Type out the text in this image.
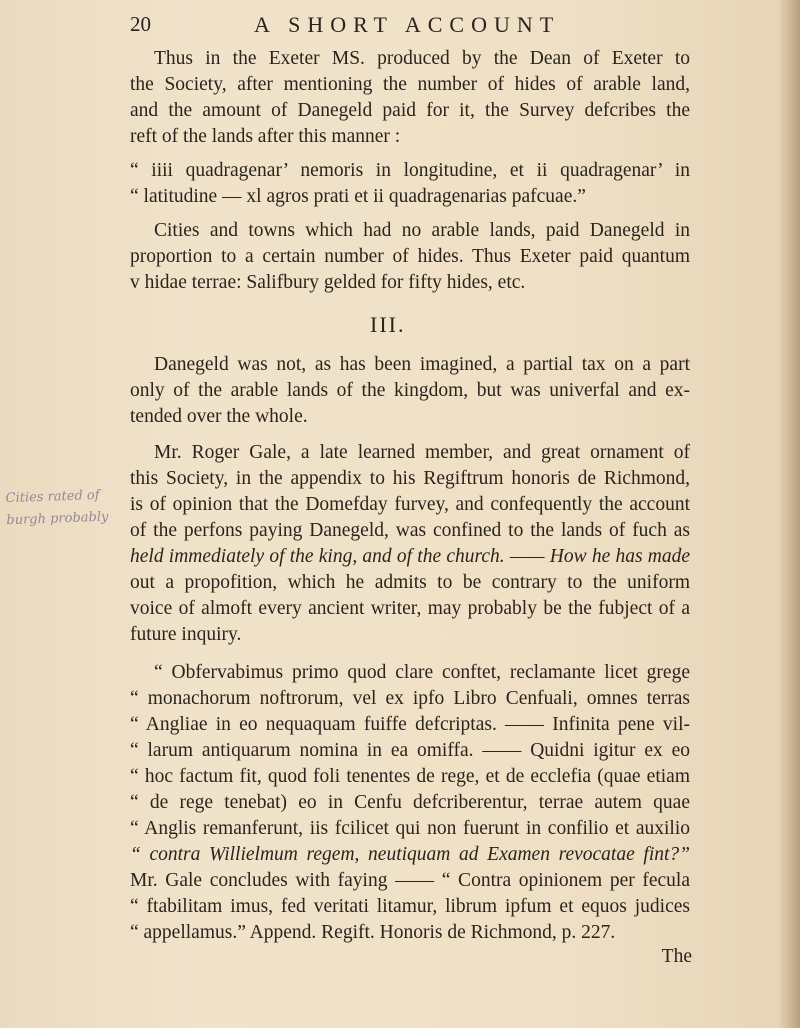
20	A SHORT ACCOUNT
Cities rated of burgh probably
Thus in the Exeter MS. produced by the Dean of Exeter to
the Society, after mentioning the number of hides of arable land,
and the amount of Danegeld paid for it, the Survey defcribes the
reft of the lands after this manner :
“ iiii quadragenar’ nemoris in longitudine, et ii quadragenar’ in
“ latitudine — xl agros prati et ii quadragenarias pafcuae.”
Cities and towns which had no arable lands, paid Danegeld in
proportion to a certain number of hides. Thus Exeter paid quantum
v hidae terrae: Salifbury gelded for fifty hides, etc.
III.
Danegeld was not, as has been imagined, a partial tax on a part
only of the arable lands of the kingdom, but was univerfal and ex-
tended over the whole.
Mr. Roger Gale, a late learned member, and great ornament of
this Society, in the appendix to his Regiftrum honoris de Richmond,
is of opinion that the Domefday furvey, and confequently the account
of the perfons paying Danegeld, was confined to the lands of fuch as
held immediately of the king, and of the church. —— How he has made
out a propofition, which he admits to be contrary to the uniform
voice of almoft every ancient writer, may probably be the fubject of a
future inquiry.
“ Obfervabimus primo quod clare conftet, reclamante licet grege
“ monachorum noftrorum, vel ex ipfo Libro Cenfuali, omnes terras
“ Angliae in eo nequaquam fuiffe defcriptas. —— Infinita pene vil-
“ larum antiquarum nomina in ea omiffa. —— Quidni igitur ex eo
“ hoc factum fit, quod foli tenentes de rege, et de ecclefia (quae etiam
“ de rege tenebat) eo in Cenfu defcriberentur, terrae autem quae
“ Anglis remanferunt, iis fcilicet qui non fuerunt in confilio et auxilio
“ contra Willielmum regem, neutiquam ad Examen revocatae fint?”
Mr. Gale concludes with faying —— “ Contra opinionem per fecula
“ ftabilitam imus, fed veritati litamur, librum ipfum et equos judices
“ appellamus.” Append. Regift. Honoris de Richmond, p. 227.
The
